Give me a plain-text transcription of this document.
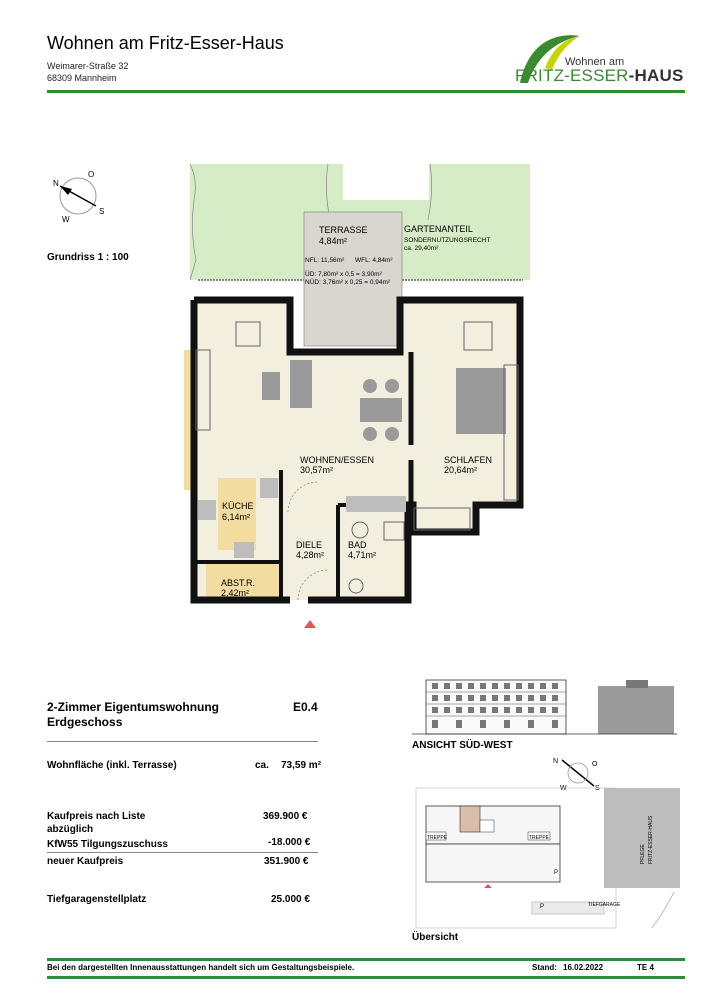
Wohnen am Fritz-Esser-Haus
Weimarer-Straße 32
68309 Mannheim
Wohnen am
FRITZ-ESSER-HAUS
N
O
S
W
Grundriss 1 : 100
TERRASSE
4,84m²
NFL: 11,56m² WFL: 4,84m²
ÜD: 7,80m² x 0,5 = 3,90m²
NÜD: 3,76m² x 0,25 = 0,94m²
GARTENANTEIL
SONDERNUTZUNGSRECHT
ca. 29,40m²
WOHNEN/ESSEN
30,57m²
SCHLAFEN
20,64m²
KÜCHE
6,14m²
DIELE
4,28m²
BAD
4,71m²
ABST.R.
2,42m²
2-Zimmer Eigentumswohnung
Erdgeschoss
E0.4
Wohnfläche (inkl. Terrasse)	ca. 73,59 m²
Kaufpreis nach Liste	369.900 €
abzüglich
KfW55 Tilgungszuschuss	-18.000 €
neuer Kaufpreis	351.900 €
Tiefgaragenstellplatz	25.000 €
ANSICHT SÜD-WEST
N	O
S
W
TREPPE	TREPPE
PFLEGE FRITZ-ESSER-HAUS
TIEFGARAGE
P
P
Übersicht
Bei den dargestellten Innenausstattungen handelt sich um Gestaltungsbeispiele.	Stand: 16.02.2022	TE 4
